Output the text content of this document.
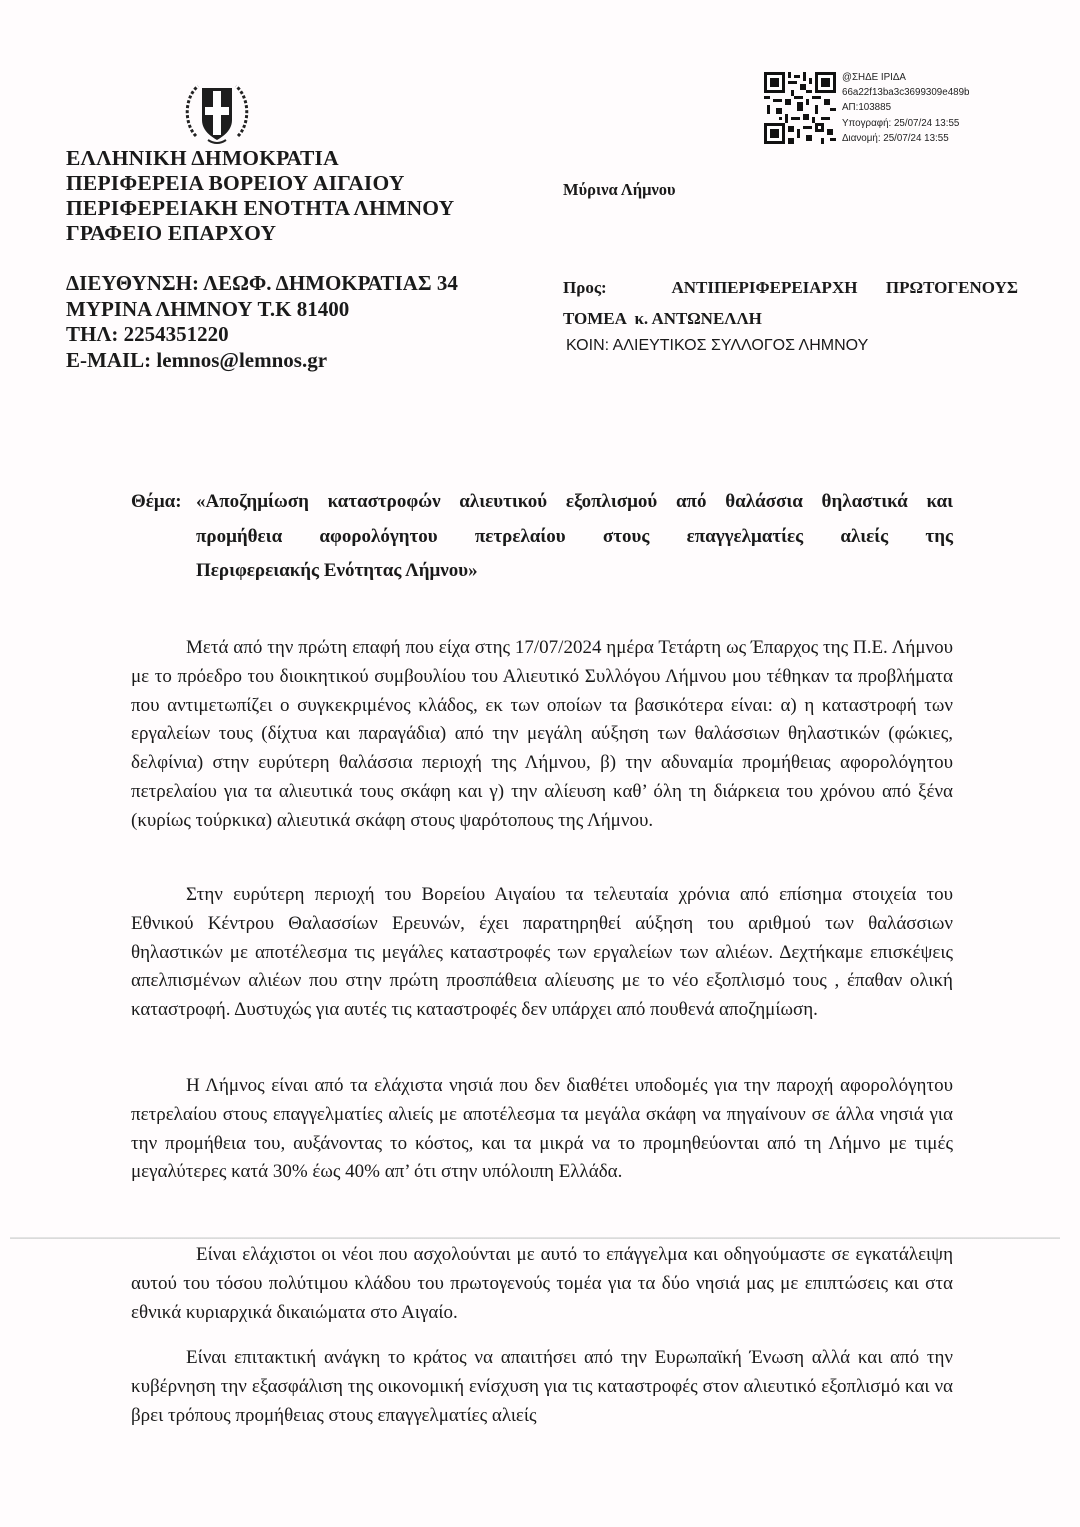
ΕΛΛΗΝΙΚΗ ΔΗΜΟΚΡΑΤΙΑ
ΠΕΡΙΦΕΡΕΙΑ ΒΟΡΕΙΟΥ ΑΙΓΑΙΟΥ
ΠΕΡΙΦΕΡΕΙΑΚΗ ΕΝΟΤΗΤΑ ΛΗΜΝΟΥ
ΓΡΑΦΕΙΟ ΕΠΑΡΧΟΥ
ΔΙΕΥΘΥΝΣΗ: ΛΕΩΦ. ΔΗΜΟΚΡΑΤΙΑΣ 34
ΜΥΡΙΝΑ ΛΗΜΝΟΥ Τ.Κ 81400
ΤΗΛ: 2254351220
E-MAIL: lemnos@lemnos.gr
Μύρινα Λήμνου
@ΣΗΔΕ ΙΡΙΔΑ
66a22f13ba3c3699309e489b
ΑΠ:103885
Υπογραφή: 25/07/24 13:55
Διανομή: 25/07/24 13:55
Προς:	ΑΝΤΙΠΕΡΙΦΕΡΕΙΑΡΧΗ ΠΡΩΤΟΓΕΝΟΥΣ
ΤΟΜΕΑ  κ. ΑΝΤΩΝΕΛΛΗ
ΚΟΙΝ: ΑΛΙΕΥΤΙΚΟΣ ΣΥΛΛΟΓΟΣ ΛΗΜΝΟΥ
Θέμα: «Αποζημίωση καταστροφών αλιευτικού εξοπλισμού από θαλάσσια θηλαστικά και
προμήθεια αφορολόγητου πετρελαίου στους επαγγελματίες αλιείς της
Περιφερειακής Ενότητας Λήμνου»
Μετά από την πρώτη επαφή που είχα στης 17/07/2024 ημέρα Τετάρτη ως Έπαρχος της Π.Ε. Λήμνου με το πρόεδρο του διοικητικού συμβουλίου του Αλιευτικό Συλλόγου Λήμνου μου τέθηκαν τα προβλήματα που αντιμετωπίζει ο συγκεκριμένος κλάδος, εκ των οποίων τα βασικότερα είναι: α) η καταστροφή των εργαλείων τους (δίχτυα και παραγάδια) από την μεγάλη αύξηση των θαλάσσιων θηλαστικών (φώκιες, δελφίνια) στην ευρύτερη θαλάσσια περιοχή της Λήμνου, β) την αδυναμία προμήθειας αφορολόγητου πετρελαίου για τα αλιευτικά τους σκάφη και γ) την αλίευση καθ’ όλη τη διάρκεια του χρόνου από ξένα (κυρίως τούρκικα) αλιευτικά σκάφη στους ψαρότοπους της Λήμνου.
Στην ευρύτερη περιοχή του Βορείου Αιγαίου τα τελευταία χρόνια από επίσημα στοιχεία του Εθνικού Κέντρου Θαλασσίων Ερευνών, έχει παρατηρηθεί αύξηση του αριθμού των θαλάσσιων θηλαστικών με αποτέλεσμα τις μεγάλες καταστροφές των εργαλείων των αλιέων. Δεχτήκαμε επισκέψεις απελπισμένων αλιέων που στην πρώτη προσπάθεια αλίευσης με το νέο εξοπλισμό τους , έπαθαν ολική καταστροφή. Δυστυχώς για αυτές τις καταστροφές δεν υπάρχει από πουθενά αποζημίωση.
Η Λήμνος είναι από τα ελάχιστα νησιά που δεν διαθέτει υποδομές για την παροχή αφορολόγητου πετρελαίου στους επαγγελματίες αλιείς με αποτέλεσμα τα μεγάλα σκάφη να πηγαίνουν σε άλλα νησιά για την προμήθεια του, αυξάνοντας το κόστος, και τα μικρά να το προμηθεύονται από τη Λήμνο με τιμές μεγαλύτερες κατά 30% έως 40% απ’ ότι στην υπόλοιπη Ελλάδα.
Είναι ελάχιστοι οι νέοι που ασχολούνται με αυτό το επάγγελμα και οδηγούμαστε σε εγκατάλειψη αυτού του τόσου πολύτιμου κλάδου του πρωτογενούς τομέα για τα δύο νησιά μας με επιπτώσεις και στα εθνικά κυριαρχικά δικαιώματα στο Αιγαίο.
Είναι επιτακτική ανάγκη το κράτος να απαιτήσει από την Ευρωπαϊκή Ένωση αλλά και από την κυβέρνηση την εξασφάλιση της οικονομική ενίσχυση για τις καταστροφές στον αλιευτικό εξοπλισμό και να βρει τρόπους προμήθειας στους επαγγελματίες αλιείς
